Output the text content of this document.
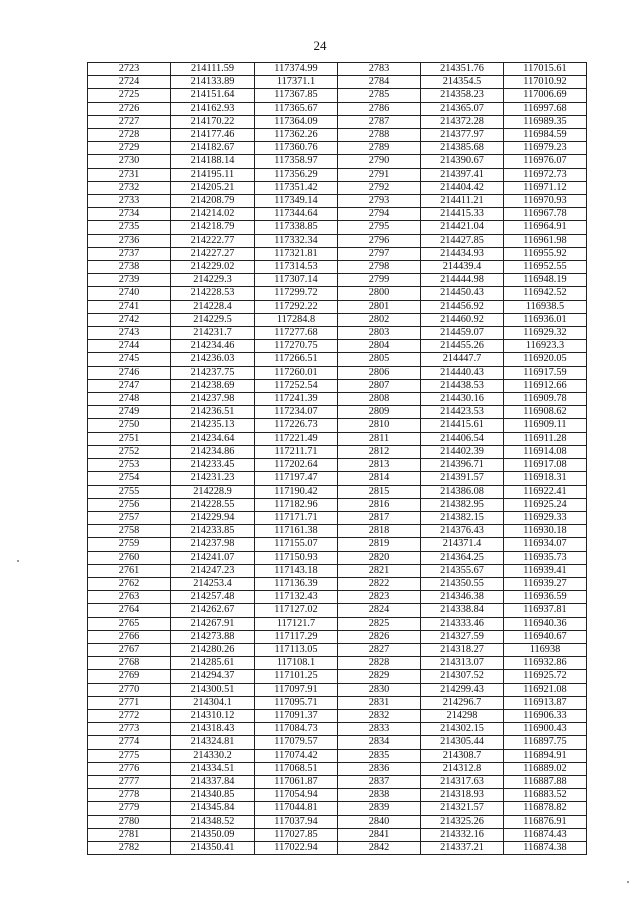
24
2723	214111.59	117374.99	2783	214351.76	117015.61
2724	214133.89	117371.1	2784	214354.5	117010.92
2725	214151.64	117367.85	2785	214358.23	117006.69
2726	214162.93	117365.67	2786	214365.07	116997.68
2727	214170.22	117364.09	2787	214372.28	116989.35
2728	214177.46	117362.26	2788	214377.97	116984.59
2729	214182.67	117360.76	2789	214385.68	116979.23
2730	214188.14	117358.97	2790	214390.67	116976.07
2731	214195.11	117356.29	2791	214397.41	116972.73
2732	214205.21	117351.42	2792	214404.42	116971.12
2733	214208.79	117349.14	2793	214411.21	116970.93
2734	214214.02	117344.64	2794	214415.33	116967.78
2735	214218.79	117338.85	2795	214421.04	116964.91
2736	214222.77	117332.34	2796	214427.85	116961.98
2737	214227.27	117321.81	2797	214434.93	116955.92
2738	214229.02	117314.53	2798	214439.4	116952.55
2739	214229.3	117307.14	2799	214444.98	116948.19
2740	214228.53	117299.72	2800	214450.43	116942.52
2741	214228.4	117292.22	2801	214456.92	116938.5
2742	214229.5	117284.8	2802	214460.92	116936.01
2743	214231.7	117277.68	2803	214459.07	116929.32
2744	214234.46	117270.75	2804	214455.26	116923.3
2745	214236.03	117266.51	2805	214447.7	116920.05
2746	214237.75	117260.01	2806	214440.43	116917.59
2747	214238.69	117252.54	2807	214438.53	116912.66
2748	214237.98	117241.39	2808	214430.16	116909.78
2749	214236.51	117234.07	2809	214423.53	116908.62
2750	214235.13	117226.73	2810	214415.61	116909.11
2751	214234.64	117221.49	2811	214406.54	116911.28
2752	214234.86	117211.71	2812	214402.39	116914.08
2753	214233.45	117202.64	2813	214396.71	116917.08
2754	214231.23	117197.47	2814	214391.57	116918.31
2755	214228.9	117190.42	2815	214386.08	116922.41
2756	214228.55	117182.96	2816	214382.95	116925.24
2757	214229.94	117171.71	2817	214382.15	116929.33
2758	214233.85	117161.38	2818	214376.43	116930.18
2759	214237.98	117155.07	2819	214371.4	116934.07
2760	214241.07	117150.93	2820	214364.25	116935.73
2761	214247.23	117143.18	2821	214355.67	116939.41
2762	214253.4	117136.39	2822	214350.55	116939.27
2763	214257.48	117132.43	2823	214346.38	116936.59
2764	214262.67	117127.02	2824	214338.84	116937.81
2765	214267.91	117121.7	2825	214333.46	116940.36
2766	214273.88	117117.29	2826	214327.59	116940.67
2767	214280.26	117113.05	2827	214318.27	116938
2768	214285.61	117108.1	2828	214313.07	116932.86
2769	214294.37	117101.25	2829	214307.52	116925.72
2770	214300.51	117097.91	2830	214299.43	116921.08
2771	214304.1	117095.71	2831	214296.7	116913.87
2772	214310.12	117091.37	2832	214298	116906.33
2773	214318.43	117084.73	2833	214302.15	116900.43
2774	214324.81	117079.57	2834	214305.44	116897.75
2775	214330.2	117074.42	2835	214308.7	116894.91
2776	214334.51	117068.51	2836	214312.8	116889.02
2777	214337.84	117061.87	2837	214317.63	116887.88
2778	214340.85	117054.94	2838	214318.93	116883.52
2779	214345.84	117044.81	2839	214321.57	116878.82
2780	214348.52	117037.94	2840	214325.26	116876.91
2781	214350.09	117027.85	2841	214332.16	116874.43
2782	214350.41	117022.94	2842	214337.21	116874.38
